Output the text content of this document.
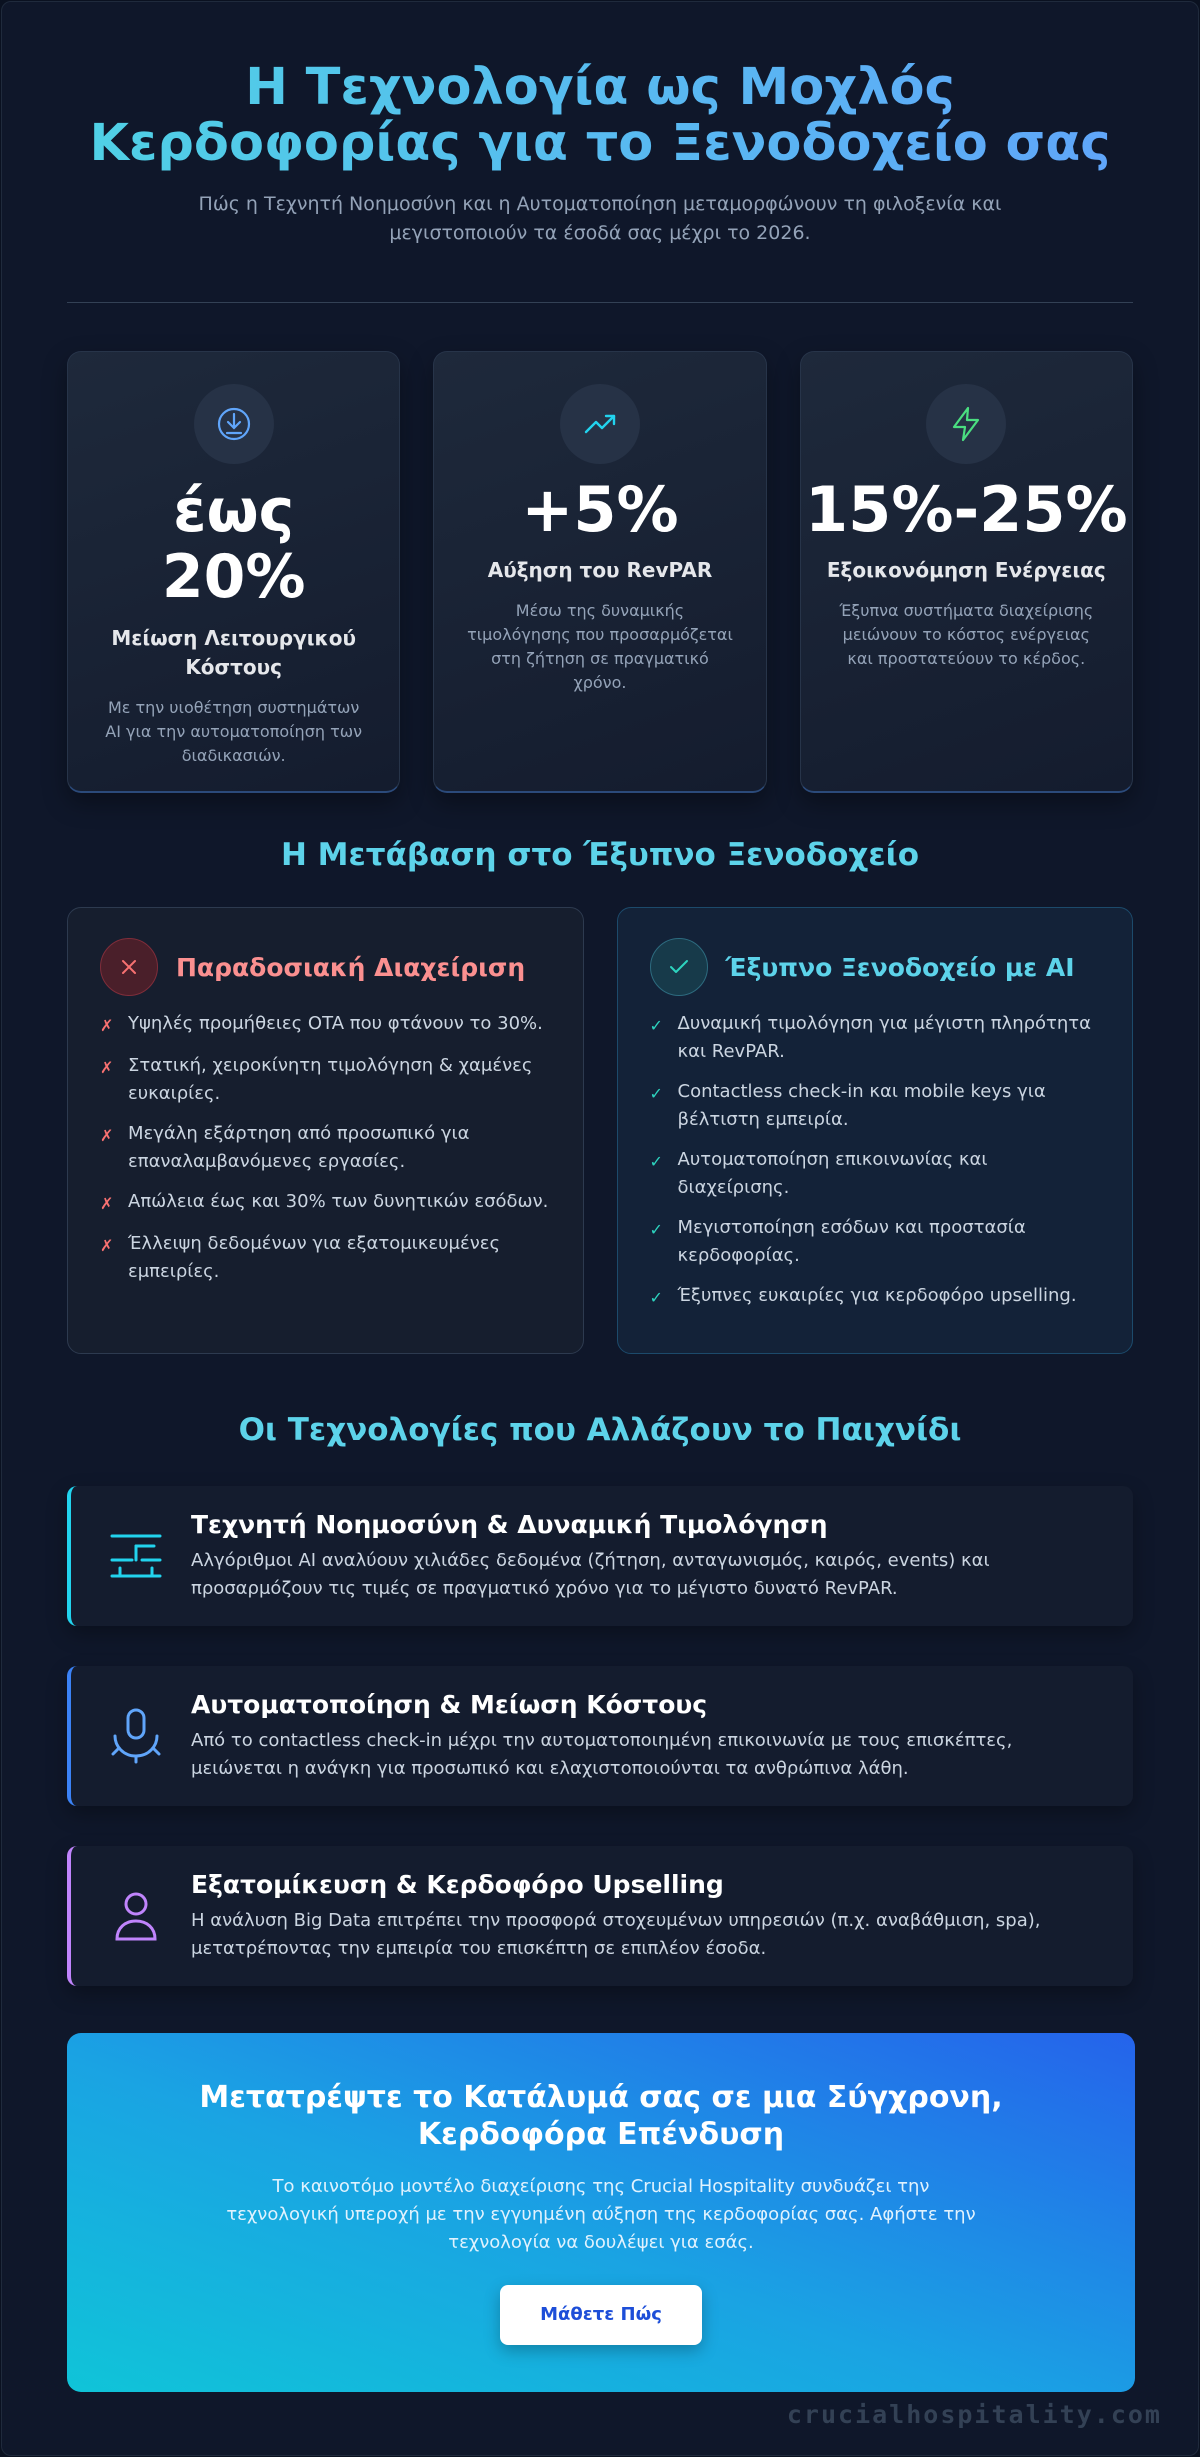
Η Τεχνολογία ως Μοχλός Κερδοφορίας για το Ξενοδοχείο σας

Πώς η Τεχνητή Νοημοσύνη και η Αυτοματοποίηση μεταμορφώνουν τη φιλοξενία και μεγιστοποιούν τα έσοδά σας μέχρι το 2026.

έως 20%
Μείωση Λειτουργικού Κόστους
Με την υιοθέτηση συστημάτων AI για την αυτοματοποίηση των διαδικασιών.
+5%
Αύξηση του RevPAR
Μέσω της δυναμικής τιμολόγησης που προσαρμόζεται στη ζήτηση σε πραγματικό χρόνο.
15%-25%
Εξοικονόμηση Ενέργειας
Έξυπνα συστήματα διαχείρισης μειώνουν το κόστος ενέργειας και προστατεύουν το κέρδος.
Η Μετάβαση στο Έξυπνο Ξενοδοχείο
Παραδοσιακή Διαχείριση
✗ Υψηλές προμήθειες OTA που φτάνουν το 30%.
✗ Στατική, χειροκίνητη τιμολόγηση & χαμένες ευκαιρίες.
✗ Μεγάλη εξάρτηση από προσωπικό για επαναλαμβανόμενες εργασίες.
✗ Απώλεια έως και 30% των δυνητικών εσόδων.
✗ Έλλειψη δεδομένων για εξατομικευμένες εμπειρίες.
Έξυπνο Ξενοδοχείο με AI
✓ Δυναμική τιμολόγηση για μέγιστη πληρότητα και RevPAR.
✓ Contactless check-in και mobile keys για βέλτιστη εμπειρία.
✓ Αυτοματοποίηση επικοινωνίας και διαχείρισης.
✓ Μεγιστοποίηση εσόδων και προστασία κερδοφορίας.
✓ Έξυπνες ευκαιρίες για κερδοφόρο upselling.
Οι Τεχνολογίες που Αλλάζουν το Παιχνίδι
Τεχνητή Νοημοσύνη & Δυναμική Τιμολόγηση
Αλγόριθμοι AI αναλύουν χιλιάδες δεδομένα (ζήτηση, ανταγωνισμός, καιρός, events) και προσαρμόζουν τις τιμές σε πραγματικό χρόνο για το μέγιστο δυνατό RevPAR.
Αυτοματοποίηση & Μείωση Κόστους
Από το contactless check-in μέχρι την αυτοματοποιημένη επικοινωνία με τους επισκέπτες, μειώνεται η ανάγκη για προσωπικό και ελαχιστοποιούνται τα ανθρώπινα λάθη.
Εξατομίκευση & Κερδοφόρο Upselling
Η ανάλυση Big Data επιτρέπει την προσφορά στοχευμένων υπηρεσιών (π.χ. αναβάθμιση, spa), μετατρέποντας την εμπειρία του επισκέπτη σε επιπλέον έσοδα.
Μετατρέψτε το Κατάλυμά σας σε μια Σύγχρονη, Κερδοφόρα Επένδυση

Το καινοτόμο μοντέλο διαχείρισης της Crucial Hospitality συνδυάζει την τεχνολογική υπεροχή με την εγγυημένη αύξηση της κερδοφορίας σας. Αφήστε την τεχνολογία να δουλέψει για εσάς.

Μάθετε Πώς
crucialhospitality.com
